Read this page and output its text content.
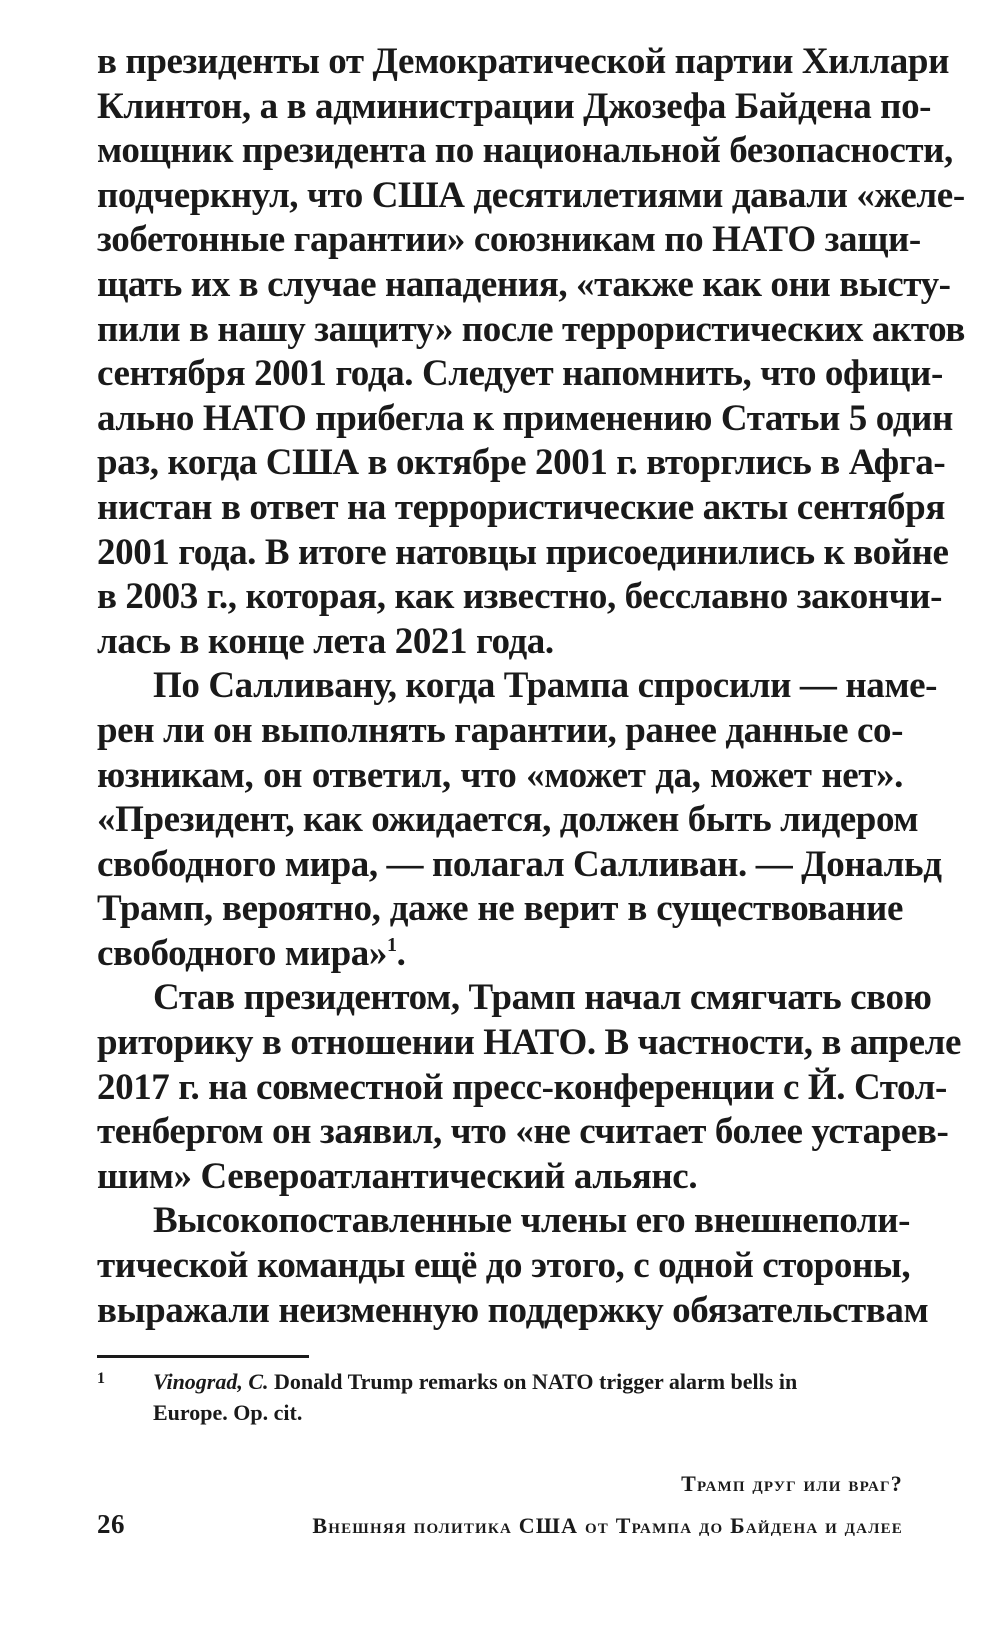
в президенты от Демократической партии Хиллари
Клинтон, а в администрации Джозефа Байдена по-
мощник президента по национальной безопасности,
подчеркнул, что США десятилетиями давали «желе-
зобетонные гарантии» союзникам по НАТО защи-
щать их в случае нападения, «также как они высту-
пили в нашу защиту» после террористических актов
сентября 2001 года. Следует напомнить, что офици-
ально НАТО прибегла к применению Статьи 5 один
раз, когда США в октябре 2001 г. вторглись в Афга-
нистан в ответ на террористические акты сентября
2001 года. В итоге натовцы присоединились к войне
в 2003 г., которая, как известно, бесславно закончи-
лась в конце лета 2021 года.
По Салливану, когда Трампа спросили — наме-
рен ли он выполнять гарантии, ранее данные со-
юзникам, он ответил, что «может да, может нет».
«Президент, как ожидается, должен быть лидером
свободного мира, — полагал Салливан. — Дональд
Трамп, вероятно, даже не верит в существование
свободного мира»$^1$.
Став президентом, Трамп начал смягчать свою
риторику в отношении НАТО. В частности, в апреле
2017 г. на совместной пресс-конференции с Й. Стол-
тенбергом он заявил, что «не считает более устарев-
шим» Североатлантический альянс.
Высокопоставленные члены его внешнеполи-
тической команды ещё до этого, с одной стороны,
выражали неизменную поддержку обязательствам
1 Vinograd, C. Donald Trump remarks on NATO trigger alarm bells in
Europe. Op. cit.
Трамп друг или враг?
26	Внешняя политика США от Трампа до Байдена и далее
